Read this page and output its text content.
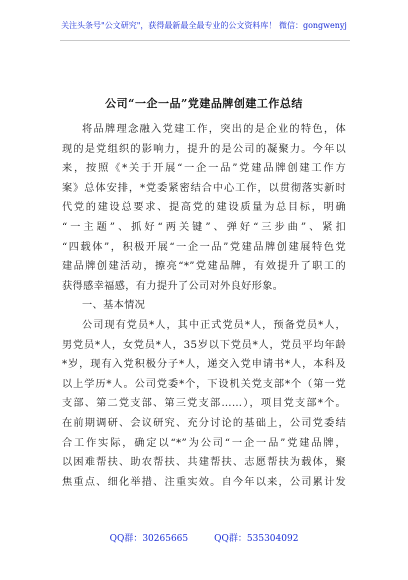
关注头条号"公文研究"，获得最新最全最专业的公文资料库！ 微信：gongwenyj
公司“一企一品”党建品牌创建工作总结
将品牌理念融入党建工作，突出的是企业的特色，体
现的是党组织的影响力，提升的是公司的凝聚力。今年以
来，按照《*关于开展“一企一品”党建品牌创建工作方
案》总体安排，*党委紧密结合中心工作，以贯彻落实新时
代党的建设总要求、提高党的建设质量为总目标，明确
“一主题”、抓好“两关键”、弹好“三步曲”、紧扣
“四载体”，积极开展“一企一品”党建品牌创建展特色党
建品牌创建活动，擦亮“*”党建品牌，有效提升了职工的
获得感幸福感，有力提升了公司对外良好形象。
一、基本情况
公司现有党员*人，其中正式党员*人，预备党员*人，
男党员*人，女党员*人，35岁以下党员*人，党员平均年龄
*岁，现有入党积极分子*人，递交入党申请书*人，本科及
以上学历*人。公司党委*个，下设机关党支部*个（第一党
支部、第二党支部、第三党支部……），项目党支部*个。
在前期调研、会议研究、充分讨论的基础上，公司党委结
合工作实际，确定以“*”为公司“一企一品”党建品牌，
以困难帮扶、助农帮扶、共建帮扶、志愿帮扶为载体，聚
焦重点、细化举措、注重实效。自今年以来，公司累计发
QQ群：30265665	QQ群：535304092
